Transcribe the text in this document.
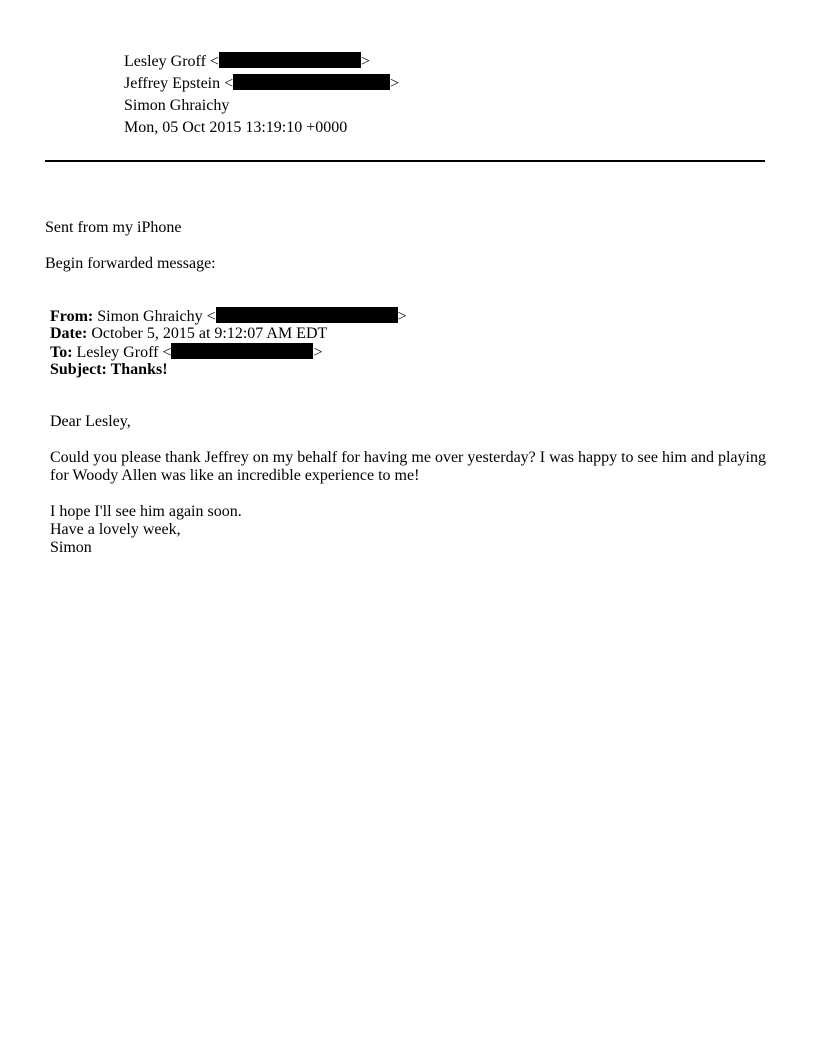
Lesley Groff <	>
Jeffrey Epstein <	>
Simon Ghraichy
Mon, 05 Oct 2015 13:19:10 +0000
Sent from my iPhone
Begin forwarded message:
From: Simon Ghraichy <	>
Date: October 5, 2015 at 9:12:07 AM EDT
To: Lesley Groff <	>
Subject: Thanks!
Dear Lesley,
Could you please thank Jeffrey on my behalf for having me over yesterday? I was happy to see him and playing
for Woody Allen was like an incredible experience to me!
I hope I'll see him again soon.
Have a lovely week,
Simon
